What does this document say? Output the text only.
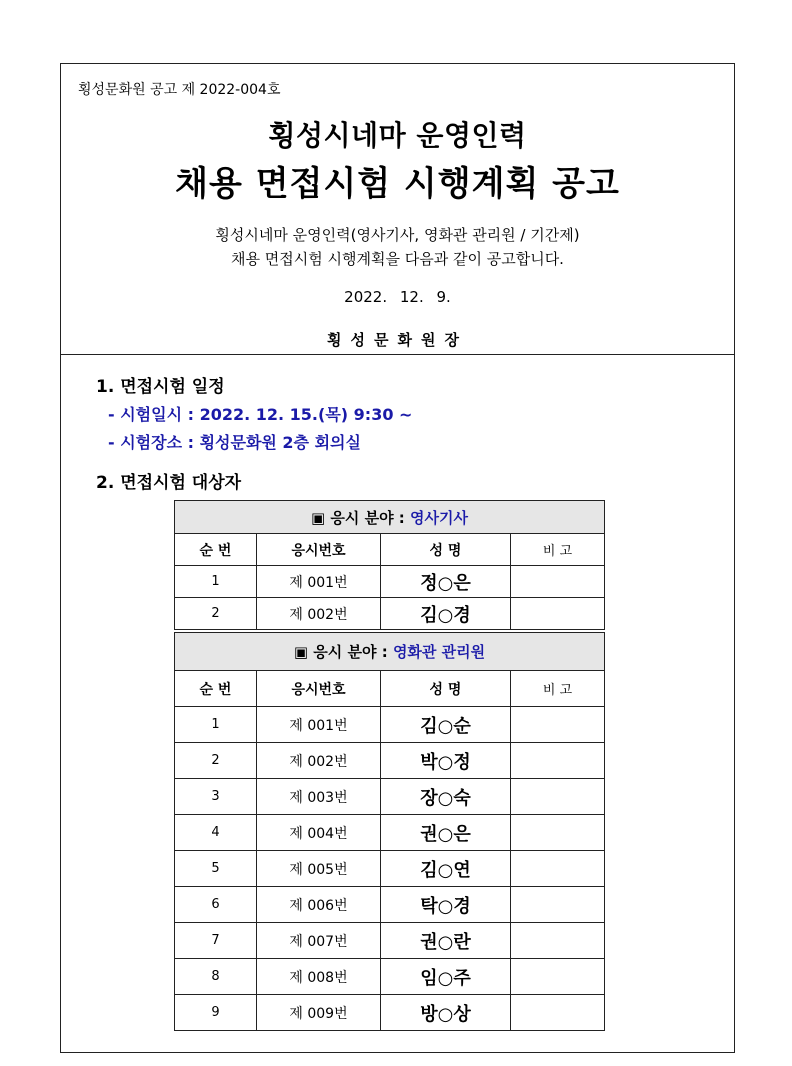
횡성문화원 공고 제 2022-004호
횡성시네마 운영인력
채용 면접시험 시행계획 공고
횡성시네마 운영인력(영사기사, 영화관 관리원 / 기간제)
채용 면접시험 시행계획을 다음과 같이 공고합니다.
2022. 12. 9.
횡성문화원장
1. 면접시험 일정
- 시험일시 : 2022. 12. 15.(목) 9:30 ~
- 시험장소 : 횡성문화원 2층 회의실
2. 면접시험 대상자
▣ 응시 분야 : 영사기사			
순 번	응시번호	성 명	비 고
1	제 001번	정○은	
2	제 002번	김○경	
▣ 응시 분야 : 영화관 관리원			
순 번	응시번호	성 명	비 고
1	제 001번	김○순	
2	제 002번	박○정	
3	제 003번	장○숙	
4	제 004번	권○은	
5	제 005번	김○연	
6	제 006번	탁○경	
7	제 007번	권○란	
8	제 008번	임○주	
9	제 009번	방○상	
